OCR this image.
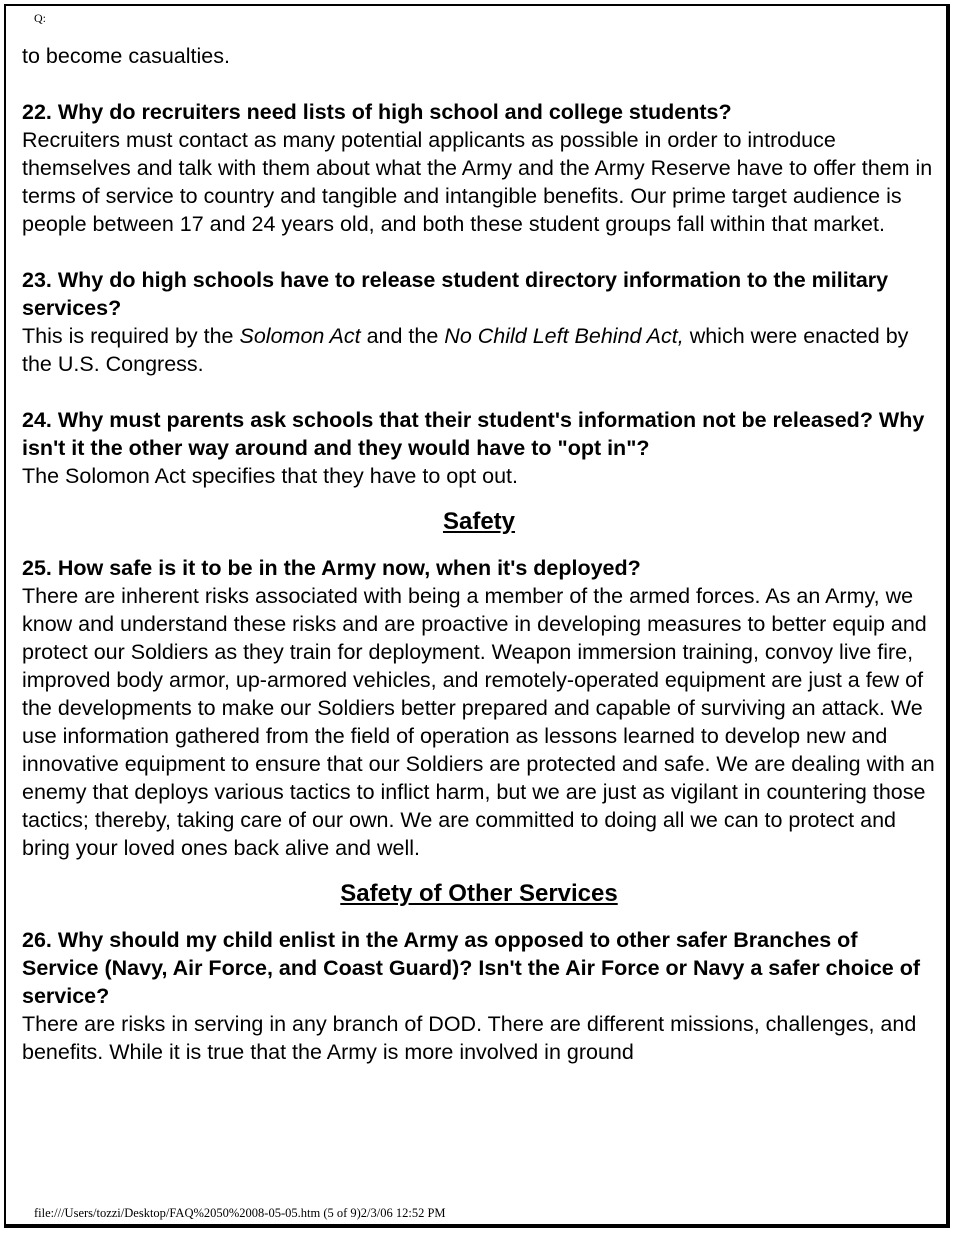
Q:

to become casualties.

22. Why do recruiters need lists of high school and college students?

Recruiters must contact as many potential applicants as possible in order to introduce themselves and talk with them about what the Army and the Army Reserve have to offer them in terms of service to country and tangible and intangible benefits. Our prime target audience is people between 17 and 24 years old, and both these student groups fall within that market.

23. Why do high schools have to release student directory information to the military services?

This is required by the Solomon Act and the No Child Left Behind Act, which were enacted by the U.S. Congress.

24. Why must parents ask schools that their student's information not be released? Why isn't it the other way around and they would have to "opt in"?

The Solomon Act specifies that they have to opt out.

Safety

25. How safe is it to be in the Army now, when it's deployed?

There are inherent risks associated with being a member of the armed forces. As an Army, we know and understand these risks and are proactive in developing measures to better equip and protect our Soldiers as they train for deployment. Weapon immersion training, convoy live fire, improved body armor, up-armored vehicles, and remotely-operated equipment are just a few of the developments to make our Soldiers better prepared and capable of surviving an attack. We use information gathered from the field of operation as lessons learned to develop new and innovative equipment to ensure that our Soldiers are protected and safe. We are dealing with an enemy that deploys various tactics to inflict harm, but we are just as vigilant in countering those tactics; thereby, taking care of our own. We are committed to doing all we can to protect and bring your loved ones back alive and well.

Safety of Other Services

26. Why should my child enlist in the Army as opposed to other safer Branches of Service (Navy, Air Force, and Coast Guard)? Isn't the Air Force or Navy a safer choice of service?

There are risks in serving in any branch of DOD. There are different missions, challenges, and benefits. While it is true that the Army is more involved in ground

file:///Users/tozzi/Desktop/FAQ%2050%2008-05-05.htm (5 of 9)2/3/06 12:52 PM
